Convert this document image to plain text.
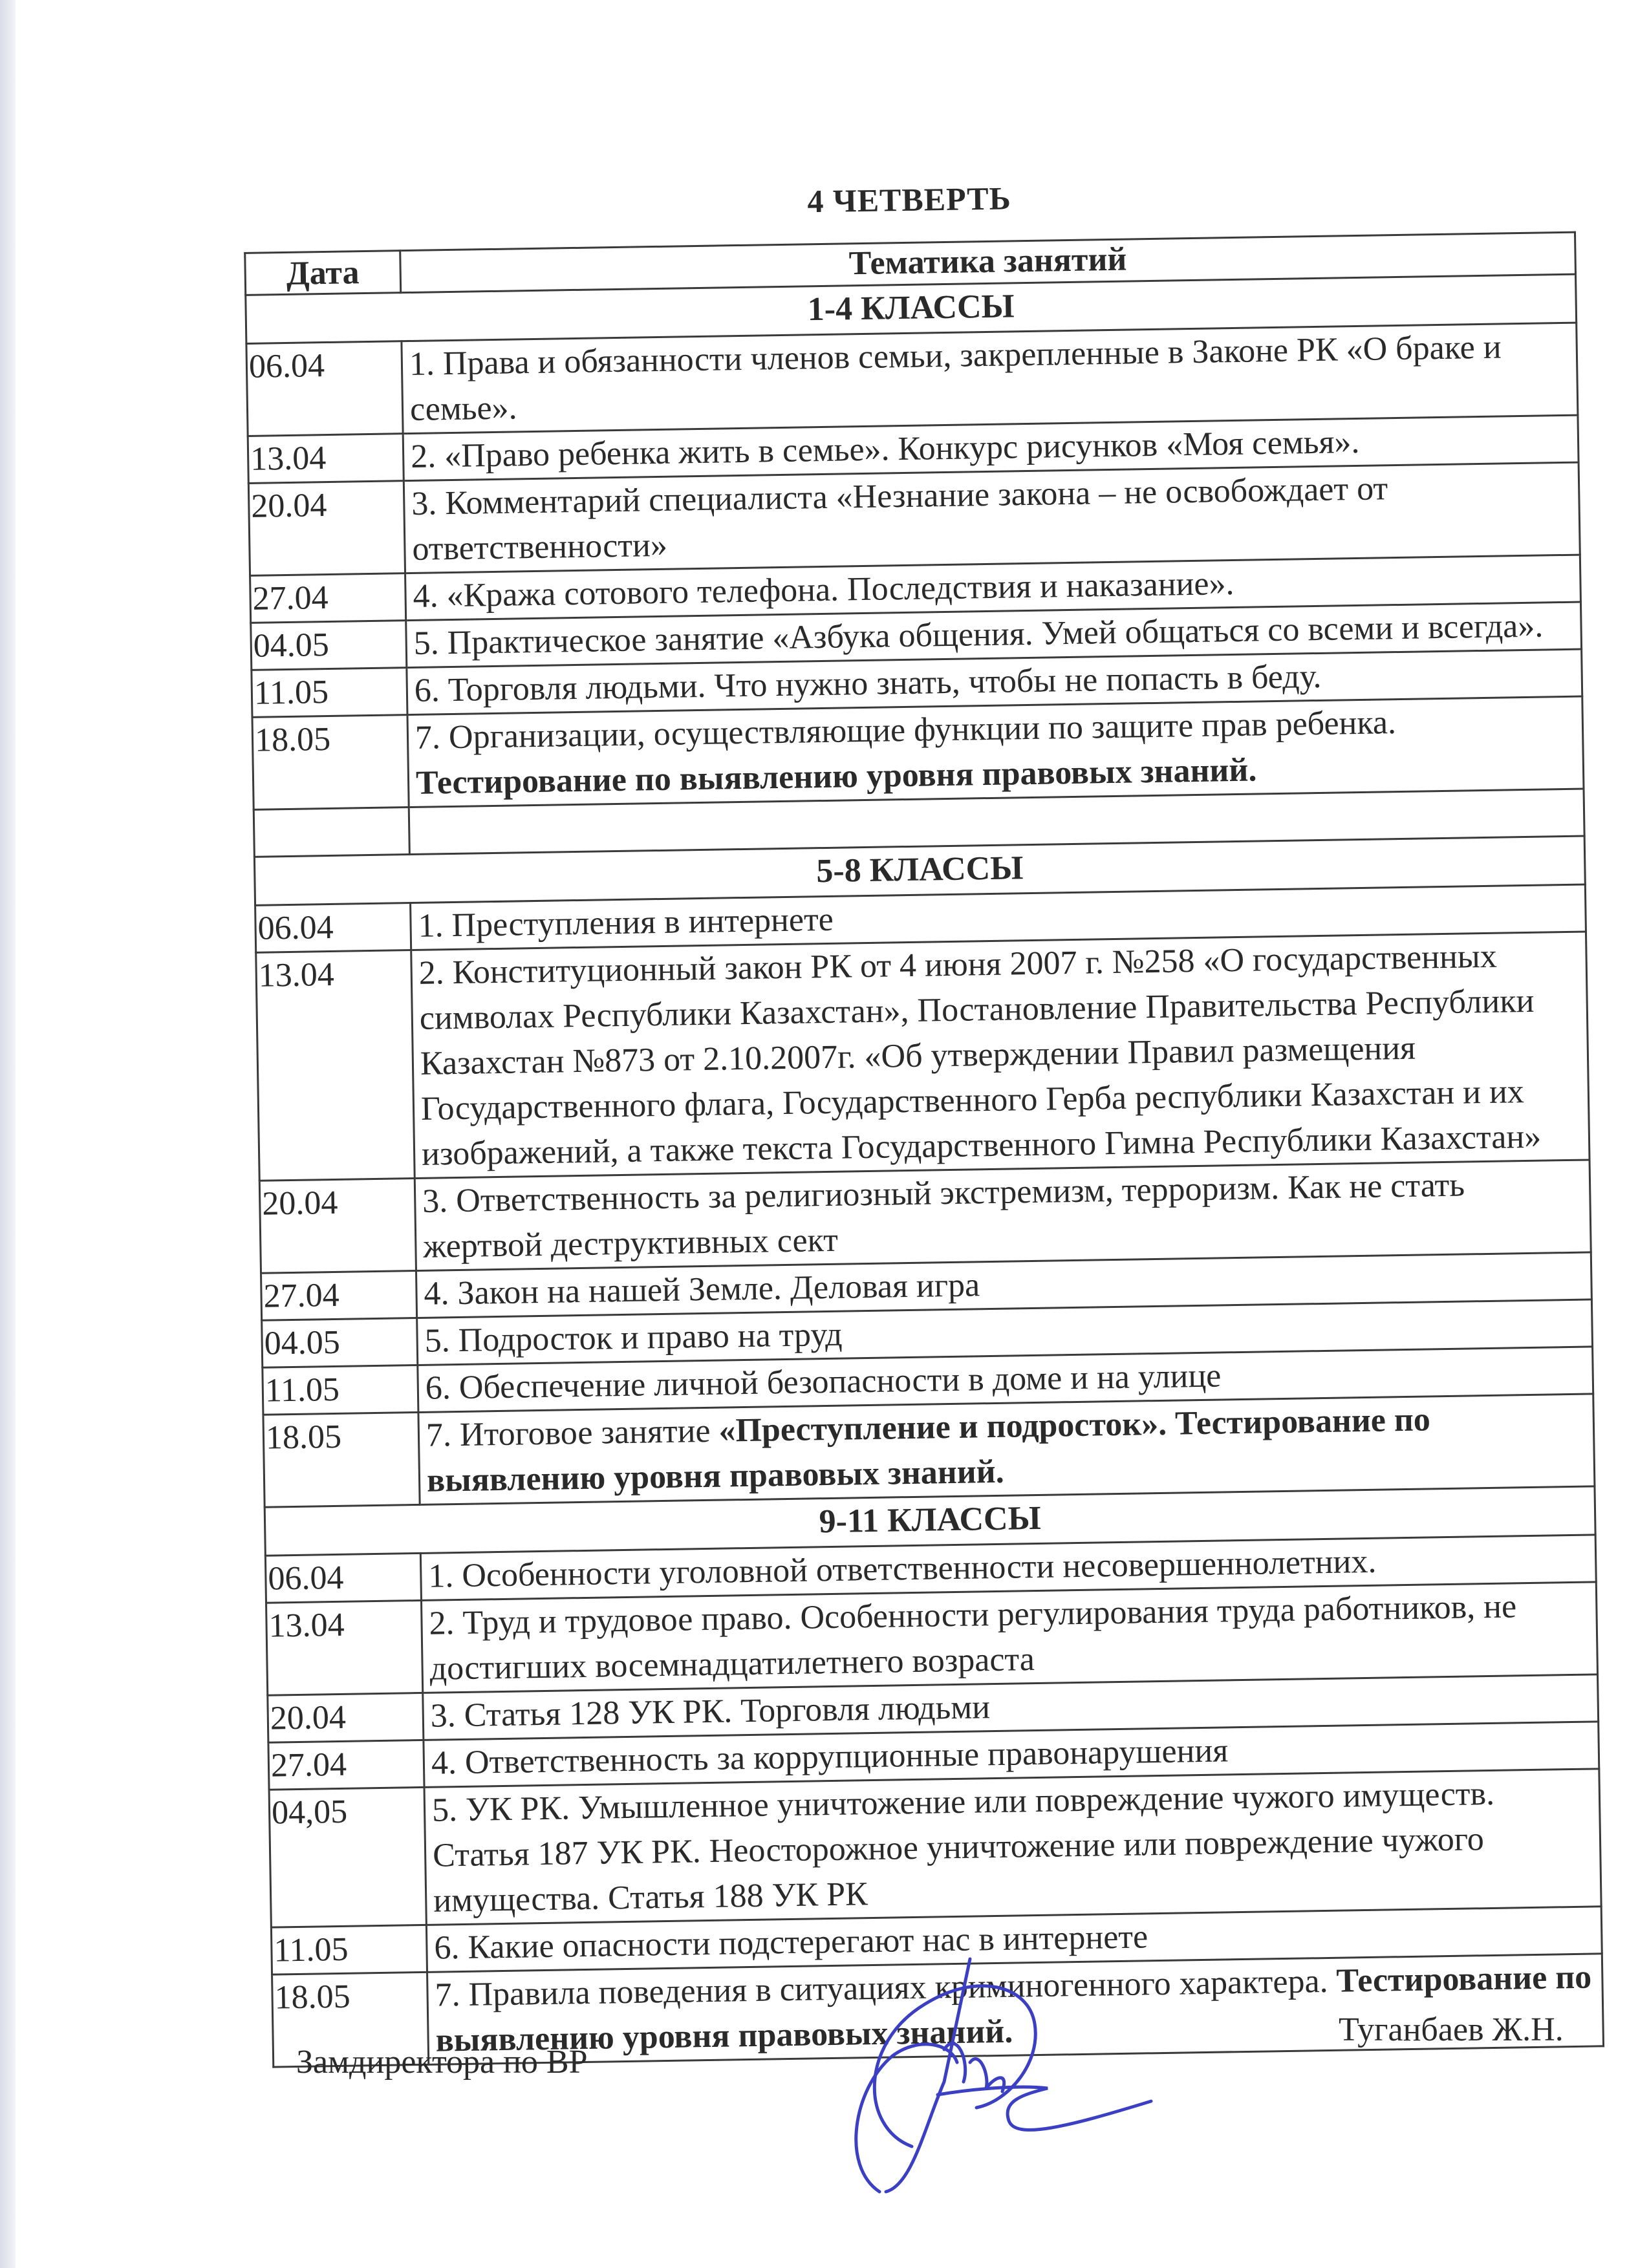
4 ЧЕТВЕРТЬ
Дата	Тематика занятий
1-4 КЛАССЫ	
06.04	1. Права и обязанности членов семьи, закрепленные в Законе РК «О браке и семье».
13.04	2. «Право ребенка жить в семье». Конкурс рисунков «Моя семья».
20.04	3. Комментарий специалиста «Незнание закона – не освобождает от ответственности»
27.04	4. «Кража сотового телефона. Последствия и наказание».
04.05	5. Практическое занятие «Азбука общения. Умей общаться со всеми и всегда».
11.05	6. Торговля людьми. Что нужно знать, чтобы не попасть в беду.
18.05	7. Организации, осуществляющие функции по защите прав ребенка. Тестирование по выявлению уровня правовых знаний.

5-8 КЛАССЫ	
06.04	1. Преступления в интернете
13.04	2. Конституционный закон РК от 4 июня 2007 г. №258 «О государственных символах Республики Казахстан», Постановление Правительства Республики Казахстан №873 от 2.10.2007г. «Об утверждении Правил размещения Государственного флага, Государственного Герба республики Казахстан и их изображений, а также текста Государственного Гимна Республики Казахстан»
20.04	3. Ответственность за религиозный экстремизм, терроризм. Как не стать жертвой деструктивных сект
27.04	4. Закон на нашей Земле. Деловая игра
04.05	5. Подросток и право на труд
11.05	6. Обеспечение личной безопасности в доме и на улице
18.05	7. Итоговое занятие «Преступление и подросток». Тестирование по выявлению уровня правовых знаний.
9-11 КЛАССЫ	
06.04	1. Особенности уголовной ответственности несовершеннолетних.
13.04	2. Труд и трудовое право. Особенности регулирования труда работников, не достигших восемнадцатилетнего возраста
20.04	3. Статья 128 УК РК. Торговля людьми
27.04	4. Ответственность за коррупционные правонарушения
04,05	5. УК РК. Умышленное уничтожение или повреждение чужого имуществ. Статья 187 УК РК. Неосторожное уничтожение или повреждение чужого имущества. Статья 188 УК РК
11.05	6. Какие опасности подстерегают нас в интернете
18.05	7. Правила поведения в ситуациях криминогенного характера. Тестирование по выявлению уровня правовых знаний.
Замдиректора по ВР
Туганбаев Ж.Н.
